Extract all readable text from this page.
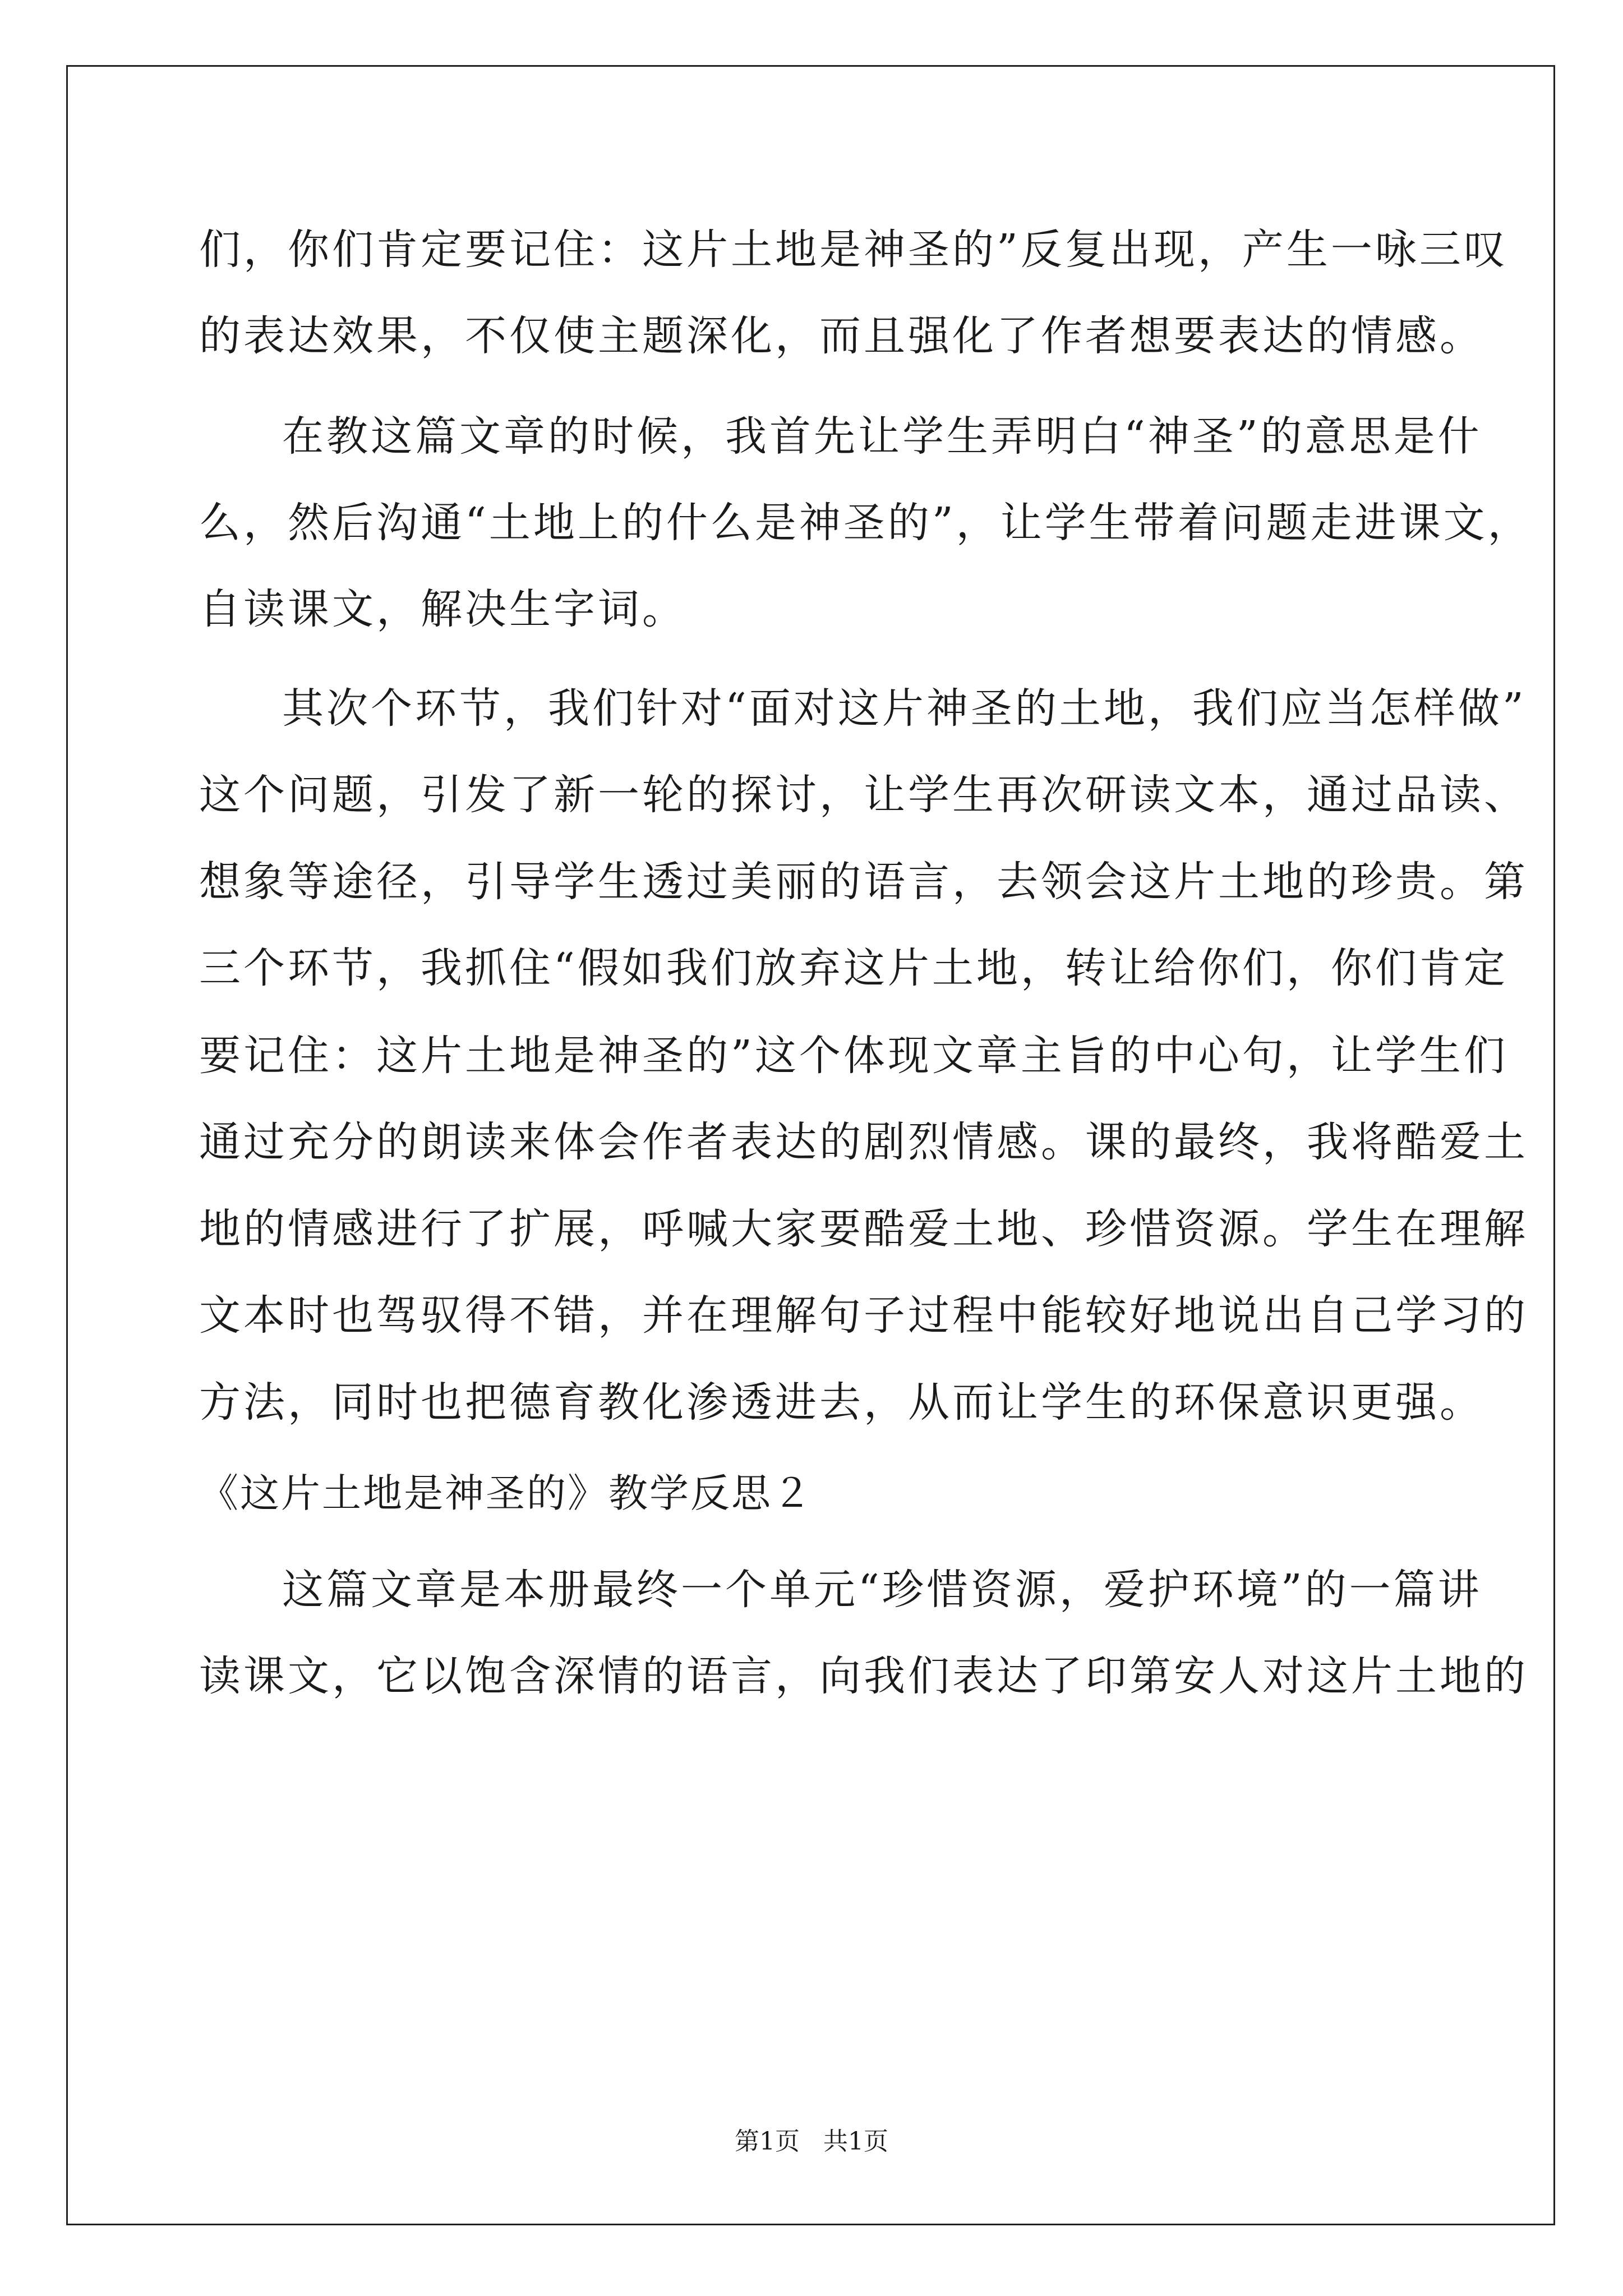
们，你们肯定要记住：这片土地是神圣的”反复出现，产生一咏三叹
的表达效果，不仅使主题深化，而且强化了作者想要表达的情感。
在教这篇文章的时候，我首先让学生弄明白“神圣”的意思是什
么，然后沟通“土地上的什么是神圣的”，让学生带着问题走进课文，
自读课文，解决生字词。
其次个环节，我们针对“面对这片神圣的土地，我们应当怎样做”
这个问题，引发了新一轮的探讨，让学生再次研读文本，通过品读、
想象等途径，引导学生透过美丽的语言，去领会这片土地的珍贵。第
三个环节，我抓住“假如我们放弃这片土地，转让给你们，你们肯定
要记住：这片土地是神圣的”这个体现文章主旨的中心句，让学生们
通过充分的朗读来体会作者表达的剧烈情感。课的最终，我将酷爱土
地的情感进行了扩展，呼喊大家要酷爱土地、珍惜资源。学生在理解
文本时也驾驭得不错，并在理解句子过程中能较好地说出自己学习的
方法，同时也把德育教化渗透进去，从而让学生的环保意识更强。
《这片土地是神圣的》教学反思２
这篇文章是本册最终一个单元“珍惜资源，爱护环境”的一篇讲
读课文，它以饱含深情的语言，向我们表达了印第安人对这片土地的
第1页 共1页
